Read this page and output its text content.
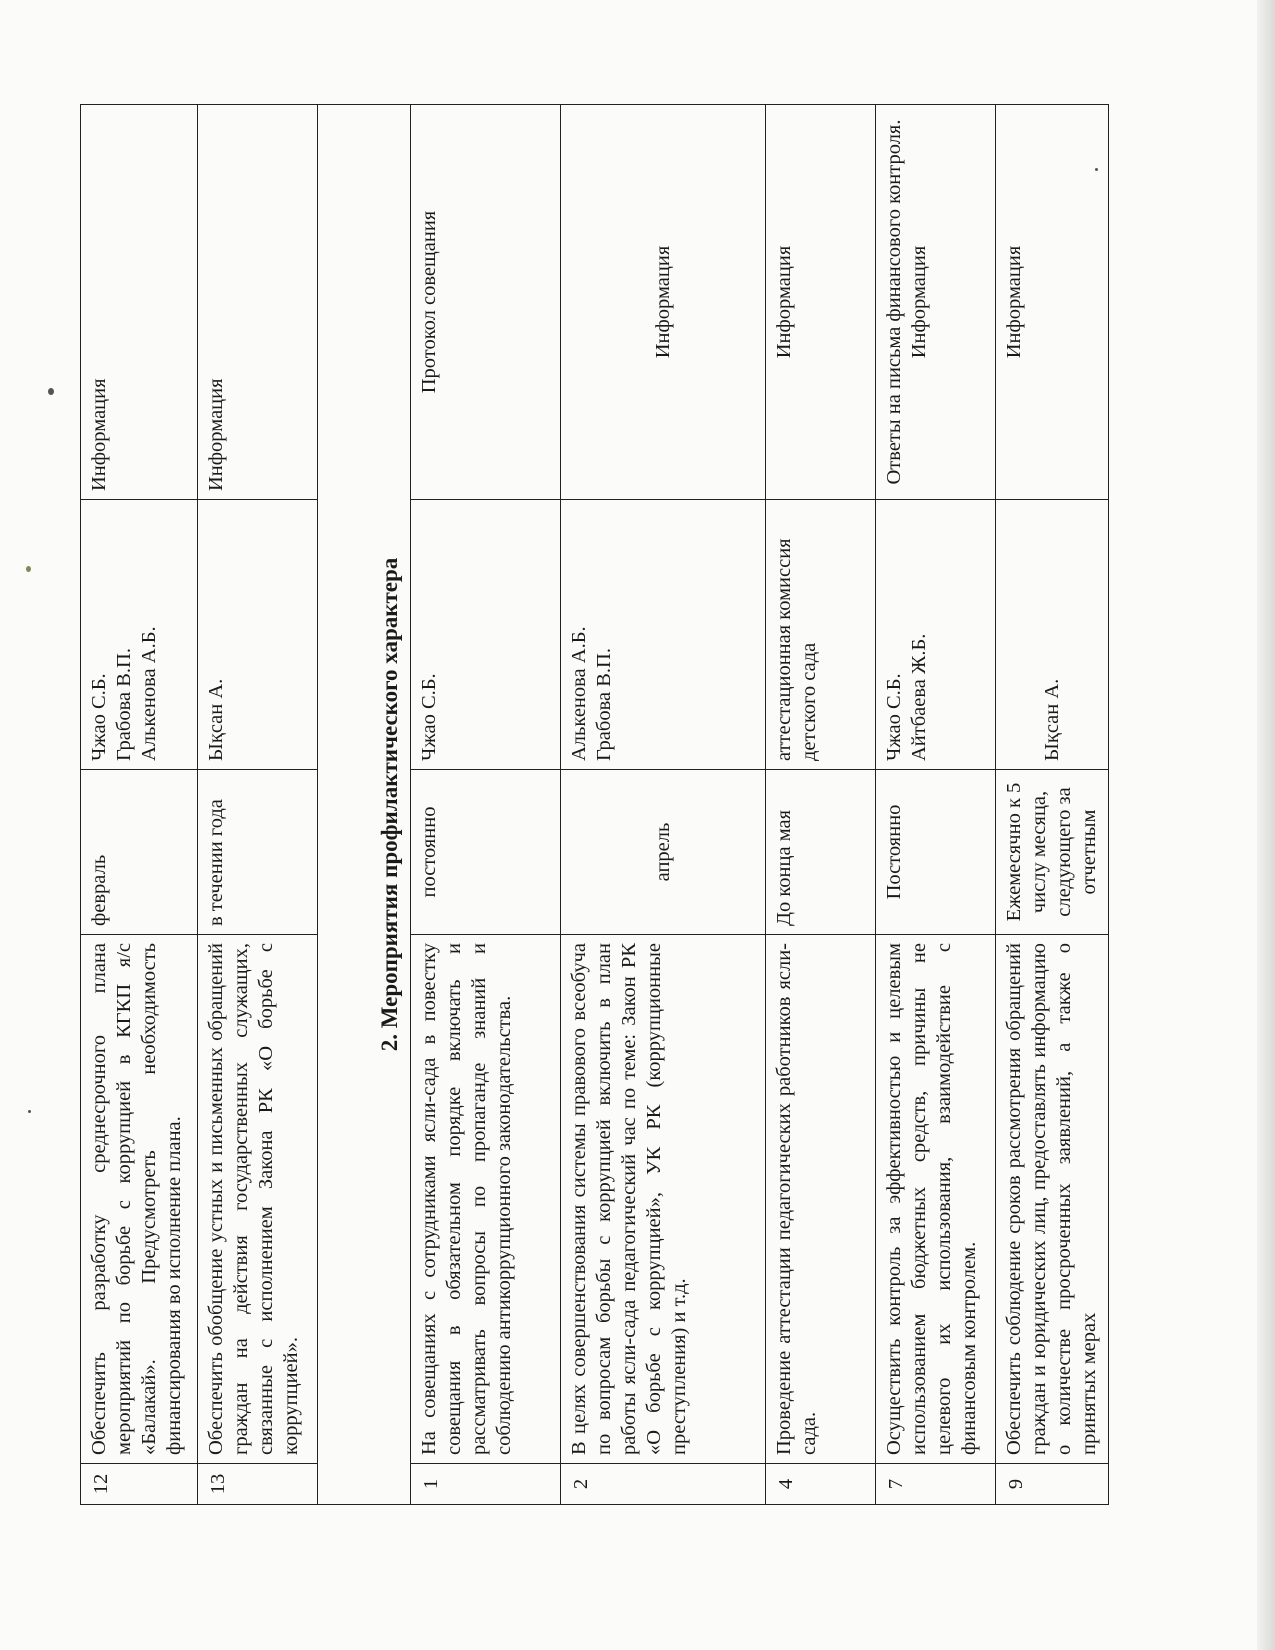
12	Обеспечить разработку среднесрочного плана мероприятий по борьбе с коррупцией в КГКП я/с «Балакай». Предусмотреть необходимость финансирования во исполнение плана.	февраль	Чжао С.Б. Грабова В.П. Алькенова А.Б.	Информация
13	Обеспечить обобщение устных и письменных обращений граждан на действия государственных служащих, связанные с исполнением Закона РК «О борьбе с коррупцией».	в течении года	Ықсан А.	Информация
2. Мероприятия профилактического характера				
1	На совещаниях с сотрудниками ясли-сада в повестку совещания в обязательном порядке включать и рассматривать вопросы по пропаганде знаний и соблюдению антикоррупционного законодательства.	постоянно	Чжао С.Б.	Протокол совещания
2	В целях совершенствования системы правового всеобуча по вопросам борьбы с коррупцией включить в план работы ясли-сада педагогический час по теме: Закон РК «О борьбе с коррупцией», УК РК (коррупционные преступления) и т.д.	апрель	Алькенова А.Б. Грабова В.П.	Информация
4	Проведение аттестации педагогических работников ясли-сада.	До конца мая	аттестационная комиссия детского сада	Информация
7	Осуществить контроль за эффективностью и целевым использованием бюджетных средств, причины не целевого их использования, взаимодействие с финансовым контролем.	Постоянно	Чжао С.Б. Айтбаева Ж.Б.	Ответы на письма финансового контроля. Информация
9	Обеспечить соблюдение сроков рассмотрения обращений граждан и юридических лиц, предоставлять информацию о количестве просроченных заявлений, а также о принятых мерах	Ежемесячно к 5 числу месяца, следующего за отчетным	Ықсан А.	Информация
